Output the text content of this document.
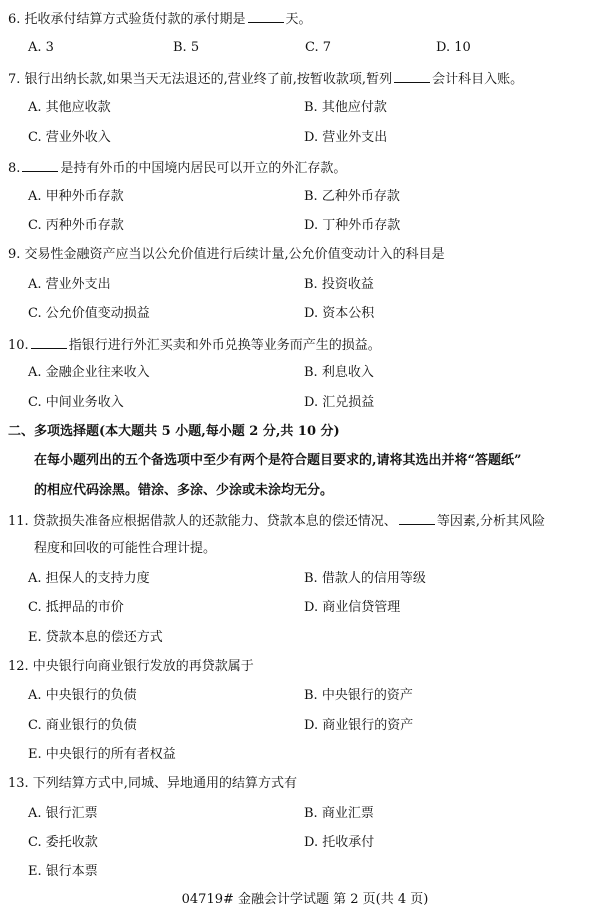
6. 托收承付结算方式验货付款的承付期是	天。
A. 3	B. 5	C. 7	D. 10
7. 银行出纳长款,如果当天无法退还的,营业终了前,按暂收款项,暂列	会计科目入账。
A. 其他应收款	B. 其他应付款
C. 营业外收入	D. 营业外支出
8.	是持有外币的中国境内居民可以开立的外汇存款。
A. 甲种外币存款	B. 乙种外币存款
C. 丙种外币存款	D. 丁种外币存款
9. 交易性金融资产应当以公允价值进行后续计量,公允价值变动计入的科目是
A. 营业外支出	B. 投资收益
C. 公允价值变动损益	D. 资本公积
10.	指银行进行外汇买卖和外币兑换等业务而产生的损益。
A. 金融企业往来收入	B. 利息收入
C. 中间业务收入	D. 汇兑损益
二、多项选择题(本大题共 5 小题,每小题 2 分,共 10 分)
在每小题列出的五个备选项中至少有两个是符合题目要求的,请将其选出并将“答题纸”
的相应代码涂黑。错涂、多涂、少涂或未涂均无分。
11. 贷款损失准备应根据借款人的还款能力、贷款本息的偿还情况、	等因素,分析其风险
程度和回收的可能性合理计提。
A. 担保人的支持力度	B. 借款人的信用等级
C. 抵押品的市价	D. 商业信贷管理
E. 贷款本息的偿还方式
12. 中央银行向商业银行发放的再贷款属于
A. 中央银行的负债	B. 中央银行的资产
C. 商业银行的负债	D. 商业银行的资产
E. 中央银行的所有者权益
13. 下列结算方式中,同城、异地通用的结算方式有
A. 银行汇票	B. 商业汇票
C. 委托收款	D. 托收承付
E. 银行本票
04719# 金融会计学试题 第 2 页(共 4 页)
